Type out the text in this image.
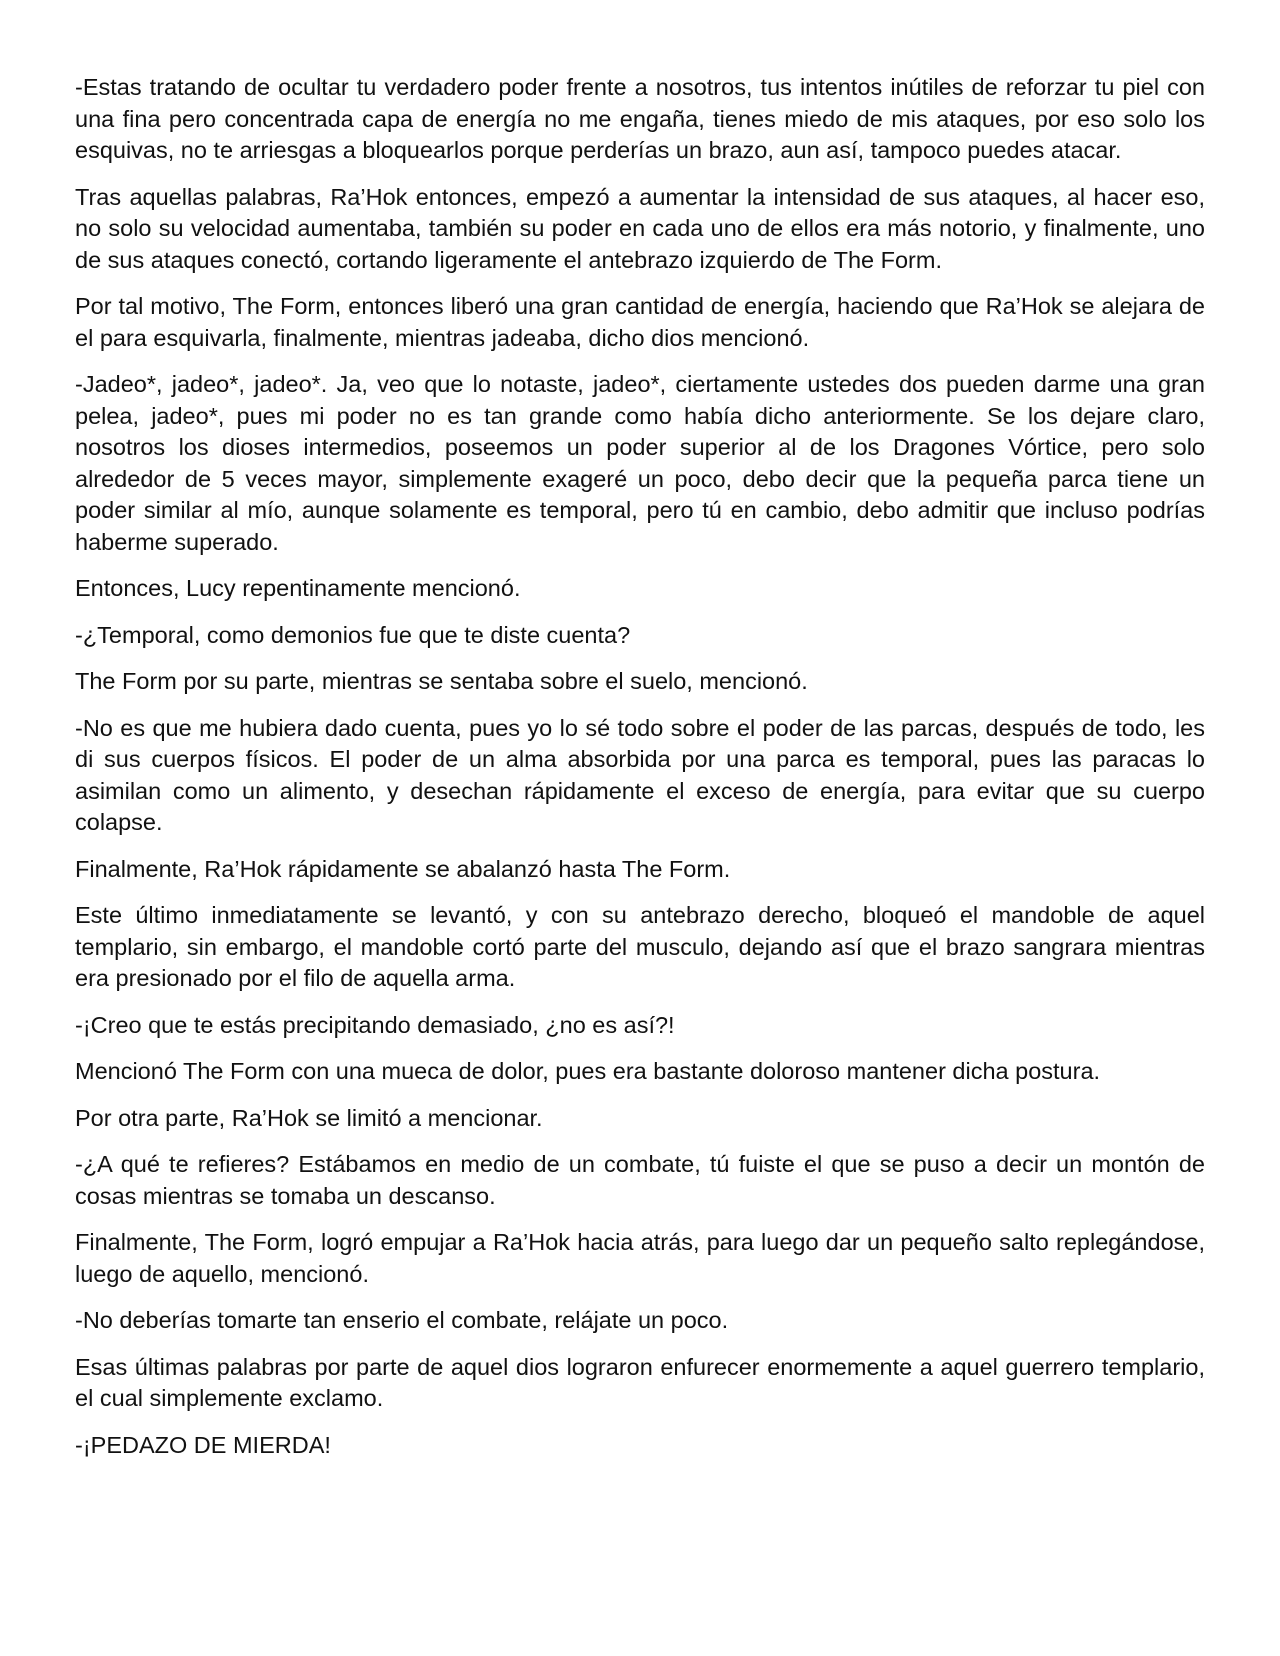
-Estas tratando de ocultar tu verdadero poder frente a nosotros, tus intentos inútiles de reforzar tu piel con una fina pero concentrada capa de energía no me engaña, tienes miedo de mis ataques, por eso solo los esquivas, no te arriesgas a bloquearlos porque perderías un brazo, aun así, tampoco puedes atacar.

Tras aquellas palabras, Ra’Hok entonces, empezó a aumentar la intensidad de sus ataques, al hacer eso, no solo su velocidad aumentaba, también su poder en cada uno de ellos era más notorio, y finalmente, uno de sus ataques conectó, cortando ligeramente el antebrazo izquierdo de The Form.

Por tal motivo, The Form, entonces liberó una gran cantidad de energía, haciendo que Ra’Hok se alejara de el para esquivarla, finalmente, mientras jadeaba, dicho dios mencionó.

-Jadeo*, jadeo*, jadeo*. Ja, veo que lo notaste, jadeo*, ciertamente ustedes dos pueden darme una gran pelea, jadeo*, pues mi poder no es tan grande como había dicho anteriormente. Se los dejare claro, nosotros los dioses intermedios, poseemos un poder superior al de los Dragones Vórtice, pero solo alrededor de 5 veces mayor, simplemente exageré un poco, debo decir que la pequeña parca tiene un poder similar al mío, aunque solamente es temporal, pero tú en cambio, debo admitir que incluso podrías haberme superado.

Entonces, Lucy repentinamente mencionó.

-¿Temporal, como demonios fue que te diste cuenta?

The Form por su parte, mientras se sentaba sobre el suelo, mencionó.

-No es que me hubiera dado cuenta, pues yo lo sé todo sobre el poder de las parcas, después de todo, les di sus cuerpos físicos. El poder de un alma absorbida por una parca es temporal, pues las paracas lo asimilan como un alimento, y desechan rápidamente el exceso de energía, para evitar que su cuerpo colapse.

Finalmente, Ra’Hok rápidamente se abalanzó hasta The Form.

Este último inmediatamente se levantó, y con su antebrazo derecho, bloqueó el mandoble de aquel templario, sin embargo, el mandoble cortó parte del musculo, dejando así que el brazo sangrara mientras era presionado por el filo de aquella arma.

-¡Creo que te estás precipitando demasiado, ¿no es así?!

Mencionó The Form con una mueca de dolor, pues era bastante doloroso mantener dicha postura.

Por otra parte, Ra’Hok se limitó a mencionar.

-¿A qué te refieres? Estábamos en medio de un combate, tú fuiste el que se puso a decir un montón de cosas mientras se tomaba un descanso.

Finalmente, The Form, logró empujar a Ra’Hok hacia atrás, para luego dar un pequeño salto replegándose, luego de aquello, mencionó.

-No deberías tomarte tan enserio el combate, relájate un poco.

Esas últimas palabras por parte de aquel dios lograron enfurecer enormemente a aquel guerrero templario, el cual simplemente exclamo.

-¡PEDAZO DE MIERDA!
